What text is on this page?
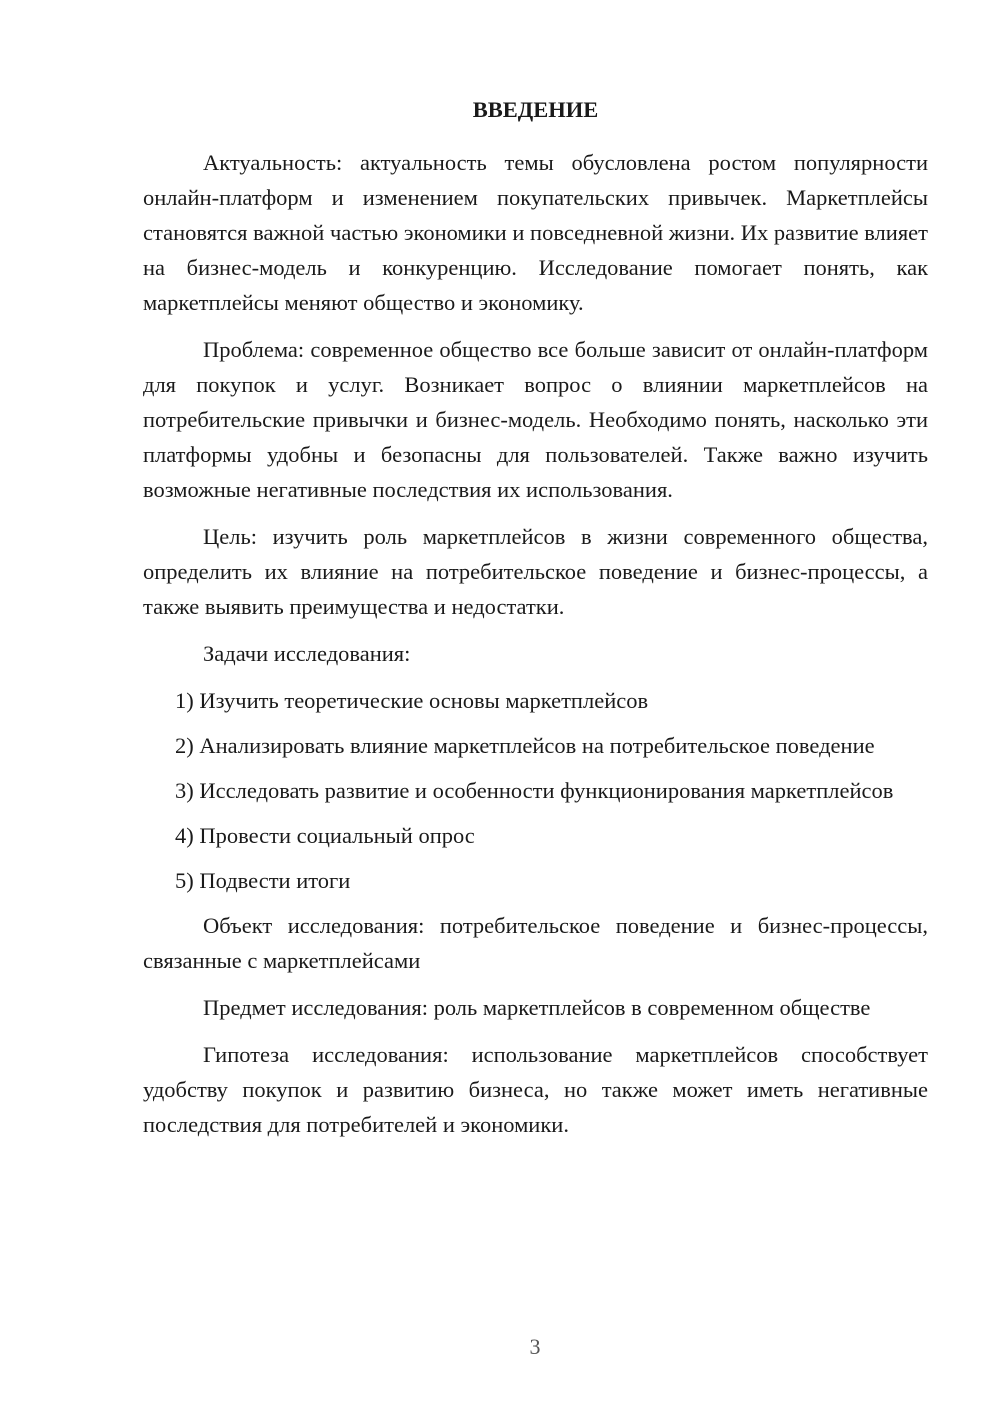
ВВЕДЕНИЕ

Актуальность: актуальность темы обусловлена ростом популярности онлайн-платформ и изменением покупательских привычек. Маркетплейсы становятся важной частью экономики и повседневной жизни. Их развитие влияет на бизнес-модель и конкуренцию. Исследование помогает понять, как маркетплейсы меняют общество и экономику.

Проблема: современное общество все больше зависит от онлайн-платформ для покупок и услуг. Возникает вопрос о влиянии маркетплейсов на потребительские привычки и бизнес-модель. Необходимо понять, насколько эти платформы удобны и безопасны для пользователей. Также важно изучить возможные негативные последствия их использования.

Цель: изучить роль маркетплейсов в жизни современного общества, определить их влияние на потребительское поведение и бизнес-процессы, а также выявить преимущества и недостатки.

Задачи исследования:

1) Изучить теоретические основы маркетплейсов

2) Анализировать влияние маркетплейсов на потребительское поведение

3) Исследовать развитие и особенности функционирования маркетплейсов

4) Провести социальный опрос

5) Подвести итоги

Объект исследования: потребительское поведение и бизнес-процессы, связанные с маркетплейсами

Предмет исследования: роль маркетплейсов в современном обществе

Гипотеза исследования: использование маркетплейсов способствует удобству покупок и развитию бизнеса, но также может иметь негативные последствия для потребителей и экономики.

3
